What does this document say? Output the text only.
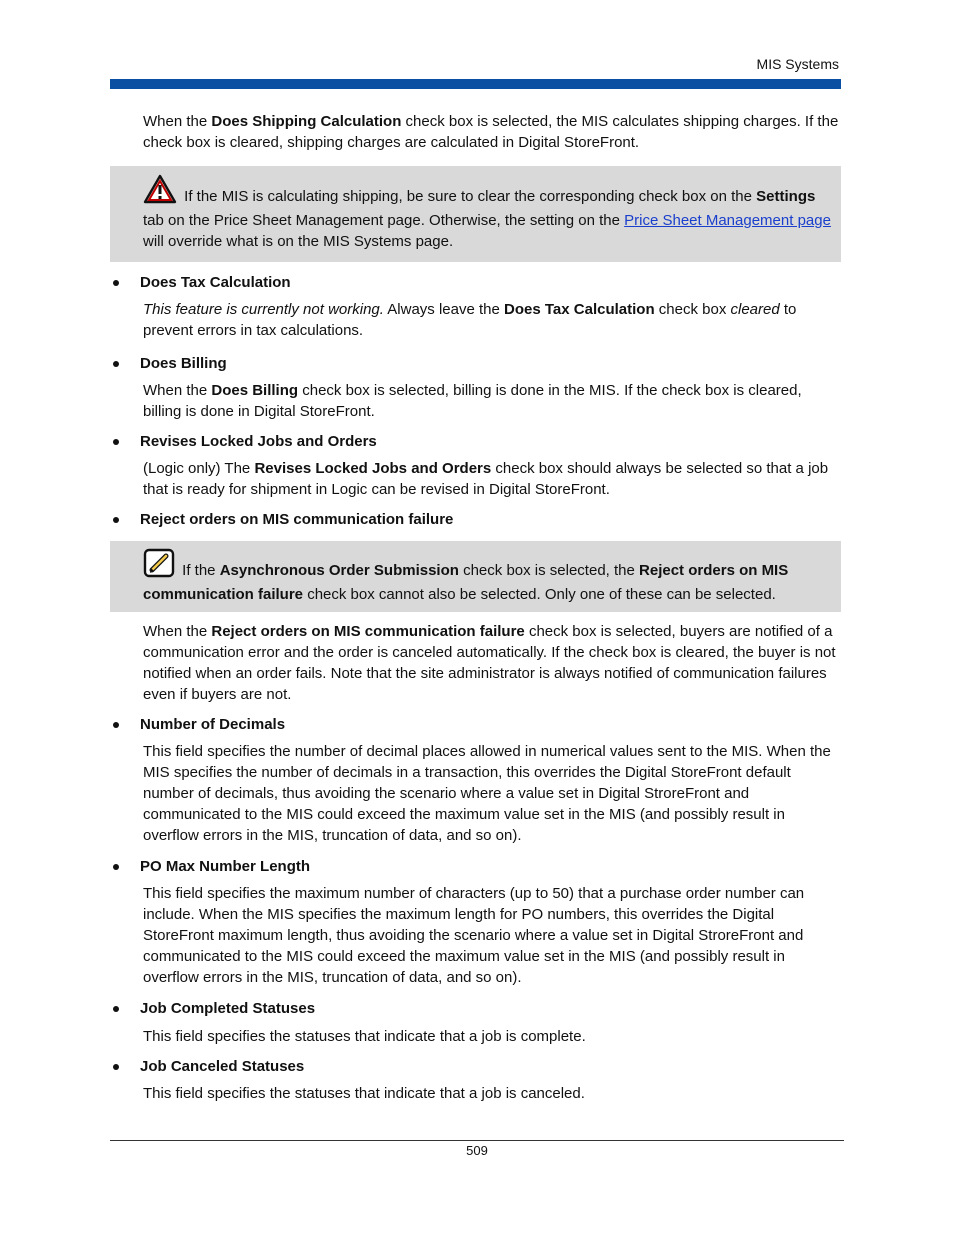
MIS Systems

When the Does Shipping Calculation check box is selected, the MIS calculates shipping charges. If the check box is cleared, shipping charges are calculated in Digital StoreFront.

If the MIS is calculating shipping, be sure to clear the corresponding check box on the Settings tab on the Price Sheet Management page. Otherwise, the setting on the Price Sheet Management page will override what is on the MIS Systems page.

Does Tax Calculation

This feature is currently not working. Always leave the Does Tax Calculation check box cleared to prevent errors in tax calculations.

Does Billing

When the Does Billing check box is selected, billing is done in the MIS. If the check box is cleared, billing is done in Digital StoreFront.

Revises Locked Jobs and Orders

(Logic only) The Revises Locked Jobs and Orders check box should always be selected so that a job that is ready for shipment in Logic can be revised in Digital StoreFront.

Reject orders on MIS communication failure

If the Asynchronous Order Submission check box is selected, the Reject orders on MIS communication failure check box cannot also be selected. Only one of these can be selected.

When the Reject orders on MIS communication failure check box is selected, buyers are notified of a communication error and the order is canceled automatically. If the check box is cleared, the buyer is not notified when an order fails. Note that the site administrator is always notified of communication failures even if buyers are not.

Number of Decimals

This field specifies the number of decimal places allowed in numerical values sent to the MIS. When the MIS specifies the number of decimals in a transaction, this overrides the Digital StoreFront default number of decimals, thus avoiding the scenario where a value set in Digital StroreFront and communicated to the MIS could exceed the maximum value set in the MIS (and possibly result in overflow errors in the MIS, truncation of data, and so on).

PO Max Number Length

This field specifies the maximum number of characters (up to 50) that a purchase order number can include. When the MIS specifies the maximum length for PO numbers, this overrides the Digital StoreFront maximum length, thus avoiding the scenario where a value set in Digital StroreFront and communicated to the MIS could exceed the maximum value set in the MIS (and possibly result in overflow errors in the MIS, truncation of data, and so on).

Job Completed Statuses

This field specifies the statuses that indicate that a job is complete.

Job Canceled Statuses

This field specifies the statuses that indicate that a job is canceled.

509
